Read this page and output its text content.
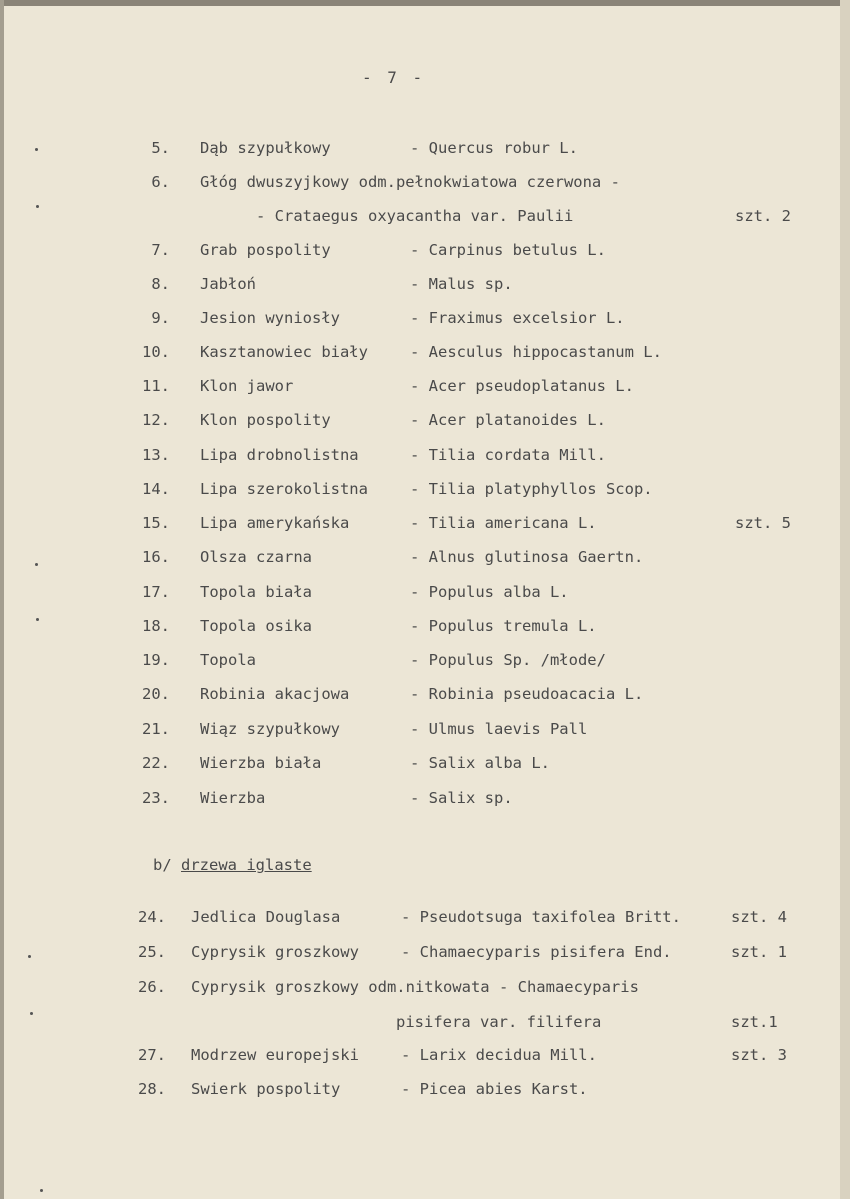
- 7 -
5. Dąb szypułkowy	- Quercus robur L.
6. Głóg dwuszyjkowy odm.pełnokwiatowa czerwona -
- Crataegus oxyacantha var. Paulii	szt. 2
7. Grab pospolity	- Carpinus betulus L.
8. Jabłoń	- Malus sp.
9. Jesion wyniosły	- Fraximus excelsior L.
10. Kasztanowiec biały	- Aesculus hippocastanum L.
11. Klon jawor	- Acer pseudoplatanus L.
12. Klon pospolity	- Acer platanoides L.
13. Lipa drobnolistna	- Tilia cordata Mill.
14. Lipa szerokolistna	- Tilia platyphyllos Scop.
15. Lipa amerykańska	- Tilia americana L.	szt. 5
16. Olsza czarna	- Alnus glutinosa Gaertn.
17. Topola biała	- Populus alba L.
18. Topola osika	- Populus tremula L.
19. Topola	- Populus Sp. /młode/
20. Robinia akacjowa	- Robinia pseudoacacia L.
21. Wiąz szypułkowy	- Ulmus laevis Pall
22. Wierzba biała	- Salix alba L.
23. Wierzba	- Salix sp.
b/ drzewa iglaste
24. Jedlica Douglasa	- Pseudotsuga taxifolea Britt.	szt. 4
25. Cyprysik groszkowy	- Chamaecyparis pisifera End.	szt. 1
26. Cyprysik groszkowy odm.nitkowata - Chamaecyparis
pisifera var. filifera	szt.1
27. Modrzew europejski	- Larix decidua Mill.	szt. 3
28. Swierk pospolity	- Picea abies Karst.
